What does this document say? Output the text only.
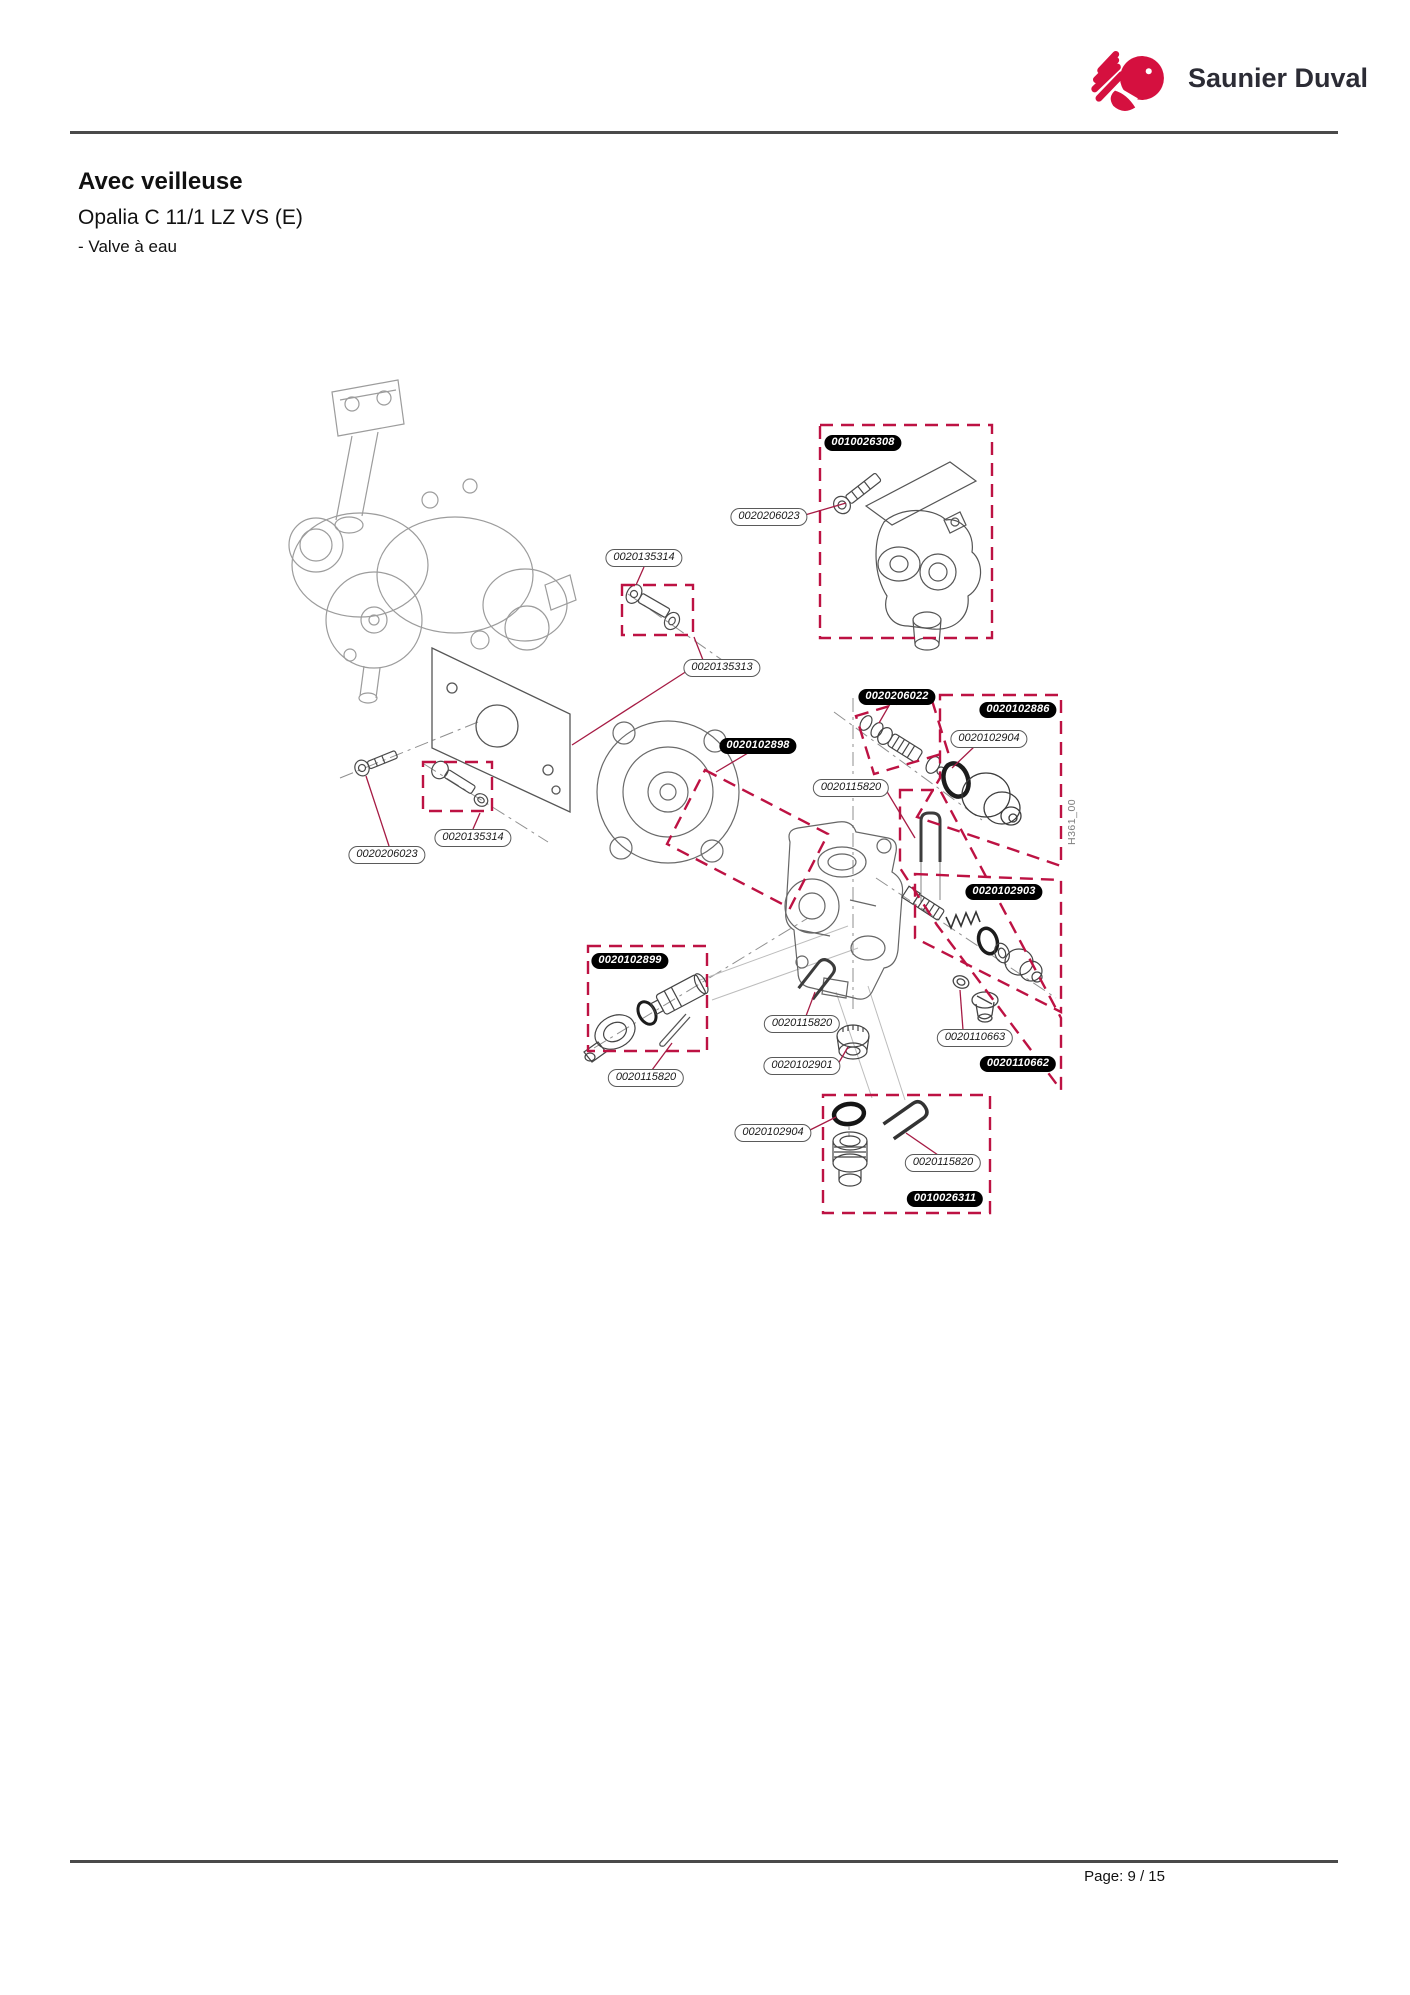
Saunier Duval
Avec veilleuse

Opalia C 11/1 LZ VS (E)

- Valve à eau

0010026308
0020206022
0020102886
0020102898
0020102903
0020102899
0020110662
0010026311
0020206023
0020135314
0020135313
0020102904
0020115820
0020135314
0020206023
0020115820
0020110663
0020102901
0020115820
0020102904
0020115820
H361_00
Page: 9 / 15
